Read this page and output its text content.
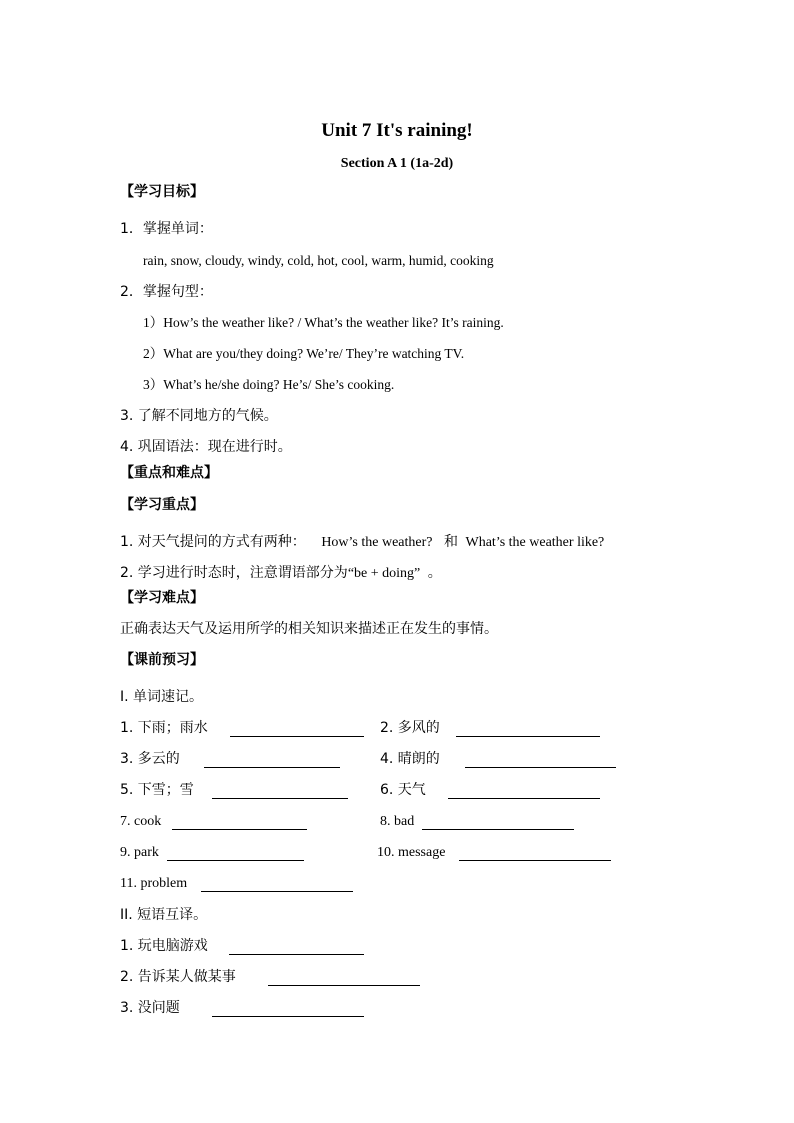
Unit 7 It's raining!
Section A 1 (1a-2d)
【学习目标】
1．掌握单词：
rain, snow, cloudy, windy, cold, hot, cool, warm, humid, cooking
2．掌握句型：
1）How’s the weather like? / What’s the weather like? It’s raining.
2）What are you/they doing? We’re/ They’re watching TV.
3）What’s he/she doing? He’s/ She’s cooking.
3. 了解不同地方的气候。
4. 巩固语法：现在进行时。
【重点和难点】
【学习重点】
1. 对天气提问的方式有两种： How’s the weather? 和 What’s the weather like?
2. 学习进行时态时，注意谓语部分为“be + doing” 。
【学习难点】
正确表达天气及运用所学的相关知识来描述正在发生的事情。
【课前预习】
I. 单词速记。
1. 下雨；雨水	2. 多风的
3. 多云的	4. 晴朗的
5. 下雪；雪	6. 天气
7. cook	8. bad
9. park	10. message
11. problem
II. 短语互译。
1. 玩电脑游戏
2. 告诉某人做某事
3. 没问题
